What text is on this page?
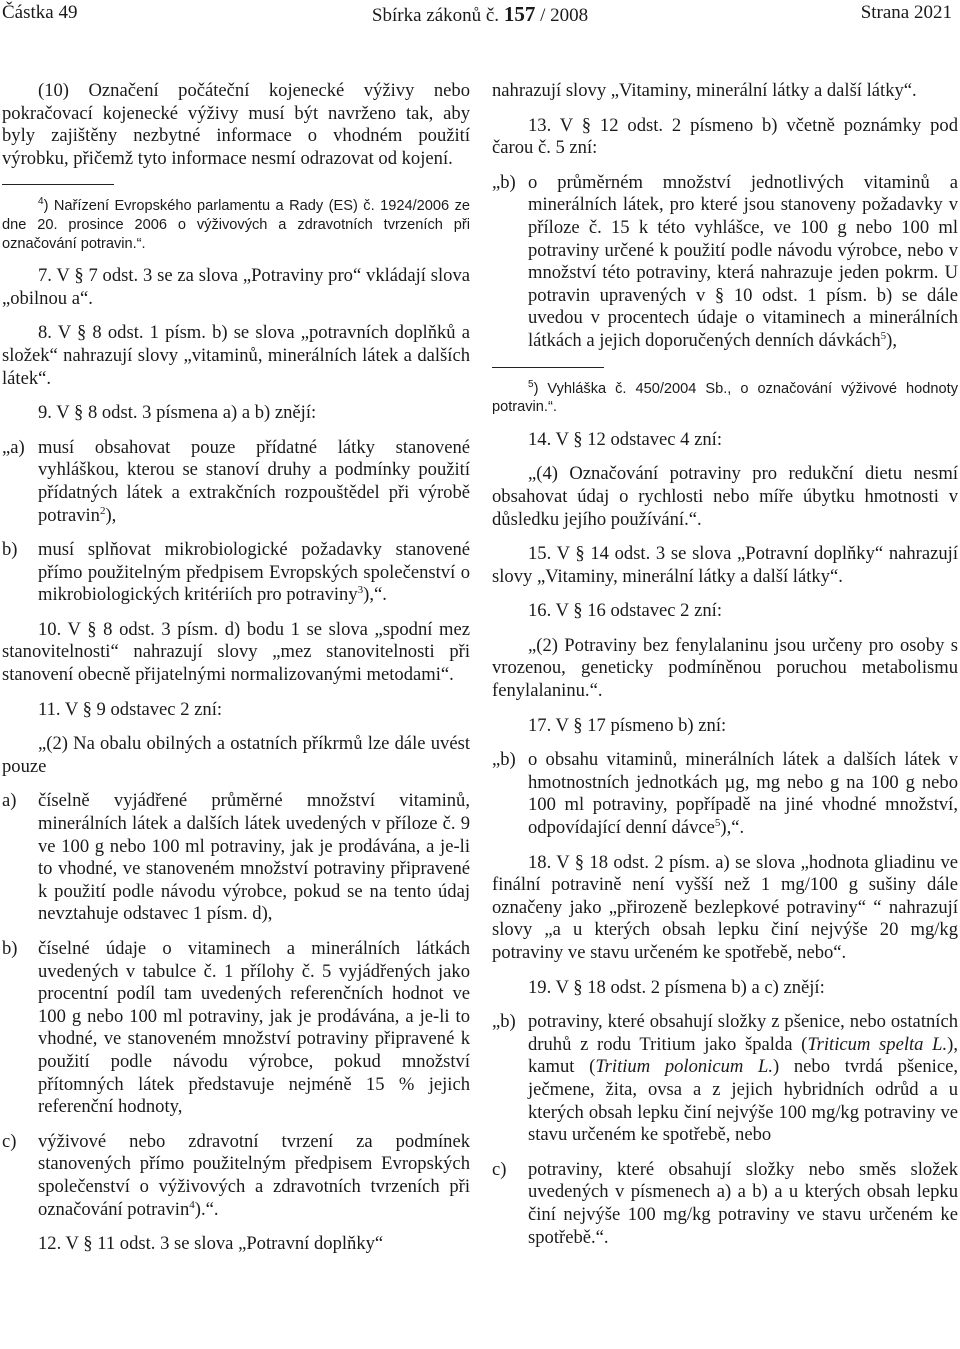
Částka 49	Sbírka zákonů č. 157 / 2008	Strana 2021

(10) Označení počáteční kojenecké výživy nebo pokračovací kojenecké výživy musí být navrženo tak, aby byly zajištěny nezbytné informace o vhodném použití výrobku, přičemž tyto informace nesmí odrazovat od kojení.

$^4$) Nařízení Evropského parlamentu a Rady (ES) č. 1924/2006 ze dne 20. prosince 2006 o výživových a zdravotních tvrzeních při označování potravin.“.

7. V § 7 odst. 3 se za slova „Potraviny pro“ vkládají slova „obilnou a“.

8. V § 8 odst. 1 písm. b) se slova „potravních doplňků a složek“ nahrazují slovy „vitaminů, minerálních látek a dalších látek“.

9. V § 8 odst. 3 písmena a) a b) znějí:

„a) musí obsahovat pouze přídatné látky stanovené vyhláškou, kterou se stanoví druhy a podmínky použití přídatných látek a extrakčních rozpouštědel při výrobě potravin$^2$),
b) musí splňovat mikrobiologické požadavky stanovené přímo použitelným předpisem Evropských společenství o mikrobiologických kritériích pro potraviny$^3$),“.

10. V § 8 odst. 3 písm. d) bodu 1 se slova „spodní mez stanovitelnosti“ nahrazují slovy „mez stanovitelnosti při stanovení obecně přijatelnými normalizovanými metodami“.

11. V § 9 odstavec 2 zní:

„(2) Na obalu obilných a ostatních příkrmů lze dále uvést pouze

a) číselně vyjádřené průměrné množství vitaminů, minerálních látek a dalších látek uvedených v příloze č. 9 ve 100 g nebo 100 ml potraviny, jak je prodávána, a je-li to vhodné, ve stanoveném množství potraviny připravené k použití podle návodu výrobce, pokud se na tento údaj nevztahuje odstavec 1 písm. d),
b) číselné údaje o vitaminech a minerálních látkách uvedených v tabulce č. 1 přílohy č. 5 vyjádřených jako procentní podíl tam uvedených referenčních hodnot ve 100 g nebo 100 ml potraviny, jak je prodávána, a je-li to vhodné, ve stanoveném množství potraviny připravené k použití podle návodu výrobce, pokud množství přítomných látek představuje nejméně 15 % jejich referenční hodnoty,
c) výživové nebo zdravotní tvrzení za podmínek stanovených přímo použitelným předpisem Evropských společenství o výživových a zdravotních tvrzeních při označování potravin$^4$).“.

12. V § 11 odst. 3 se slova „Potravní doplňky“

nahrazují slovy „Vitaminy, minerální látky a další látky“.

13. V § 12 odst. 2 písmeno b) včetně poznámky pod čarou č. 5 zní:

„b) o průměrném množství jednotlivých vitaminů a minerálních látek, pro které jsou stanoveny požadavky v příloze č. 15 k této vyhlášce, ve 100 g nebo 100 ml potraviny určené k použití podle návodu výrobce, nebo v množství této potraviny, která nahrazuje jeden pokrm. U potravin upravených v § 10 odst. 1 písm. b) se dále uvedou v procentech údaje o vitaminech a minerálních látkách a jejich doporučených denních dávkách$^5$),

$^5$) Vyhláška č. 450/2004 Sb., o označování výživové hodnoty potravin.“.

14. V § 12 odstavec 4 zní:

„(4) Označování potraviny pro redukční dietu nesmí obsahovat údaj o rychlosti nebo míře úbytku hmotnosti v důsledku jejího používání.“.

15. V § 14 odst. 3 se slova „Potravní doplňky“ nahrazují slovy „Vitaminy, minerální látky a další látky“.

16. V § 16 odstavec 2 zní:

„(2) Potraviny bez fenylalaninu jsou určeny pro osoby s vrozenou, geneticky podmíněnou poruchou metabolismu fenylalaninu.“.

17. V § 17 písmeno b) zní:

„b) o obsahu vitaminů, minerálních látek a dalších látek v hmotnostních jednotkách µg, mg nebo g na 100 g nebo 100 ml potraviny, popřípadě na jiné vhodné množství, odpovídající denní dávce$^5$),“.

18. V § 18 odst. 2 písm. a) se slova „hodnota gliadinu ve finální potravině není vyšší než 1 mg/100 g sušiny dále označeny jako „přirozeně bezlepkové potraviny“ “ nahrazují slovy „a u kterých obsah lepku činí nejvýše 20 mg/kg potraviny ve stavu určeném ke spotřebě, nebo“.

19. V § 18 odst. 2 písmena b) a c) znějí:

„b) potraviny, které obsahují složky z pšenice, nebo ostatních druhů z rodu Tritium jako špalda (Triticum spelta L.), kamut (Tritium polonicum L.) nebo tvrdá pšenice, ječmene, žita, ovsa a z jejich hybridních odrůd a u kterých obsah lepku činí nejvýše 100 mg/kg potraviny ve stavu určeném ke spotřebě, nebo
c) potraviny, které obsahují složky nebo směs složek uvedených v písmenech a) a b) a u kterých obsah lepku činí nejvýše 100 mg/kg potraviny ve stavu určeném ke spotřebě.“.
